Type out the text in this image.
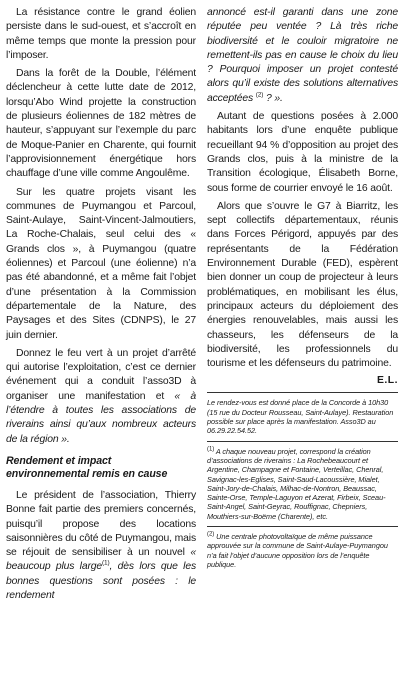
La résistance contre le grand éolien persiste dans le sud-ouest, et s’accroît en même temps que monte la pression pour l’imposer.

Dans la forêt de la Double, l’élément déclencheur à cette lutte date de 2012, lorsqu’Abo Wind projette la construction de plusieurs éoliennes de 182 mètres de hauteur, s’appuyant sur l’exemple du parc de Moque-Panier en Charente, qui fournit l’approvisionnement énergétique hors chauffage d’une ville comme Angoulême.

Sur les quatre projets visant les communes de Puymangou et Parcoul, Saint-Aulaye, Saint-Vincent-Jalmoutiers, La Roche-Chalais, seul celui des « Grands clos », à Puymangou (quatre éoliennes) et Parcoul (une éolienne) n’a pas été abandonné, et a même fait l’objet d’une présentation à la Commission départementale de la Nature, des Paysages et des Sites (CDNPS), le 27 juin dernier.

Donnez le feu vert à un projet d’arrêté qui autorise l’exploitation, c’est ce dernier événement qui a conduit l’asso3D à organiser une manifestation et « à l’étendre à toutes les associations de riverains ainsi qu’aux nombreux acteurs de la région ».

Rendement et impact environnemental remis en cause

Le président de l’association, Thierry Bonne fait partie des premiers concernés, puisqu’il propose des locations saisonnières du côté de Puymangou, mais se réjouit de sensibiliser à un nouvel « beaucoup plus large$^{(1)}$, dès lors que les bonnes questions sont posées : le rendement

annoncé est-il garanti dans une zone réputée peu ventée ? Là très riche biodiversité et le couloir migratoire ne remettent-ils pas en cause le choix du lieu ? Pourquoi imposer un projet contesté alors qu’il existe des solutions alternatives acceptées $^{(2)}$ ? ».

Autant de questions posées à 2.000 habitants lors d’une enquête publique recueillant 94 % d’opposition au projet des Grands clos, puis à la ministre de la Transition écologique, Élisabeth Borne, sous forme de courrier envoyé le 16 août.

Alors que s’ouvre le G7 à Biarritz, les sept collectifs départementaux, réunis dans Forces Périgord, appuyés par des représentants de la Fédération Environnement Durable (FED), espèrent bien donner un coup de projecteur à leurs problématiques, en mobilisant les élus, principaux acteurs du déploiement des énergies renouvelables, mais aussi les chasseurs, les défenseurs de la biodiversité, les professionnels du tourisme et les défenseurs du patrimoine.

E.L.
Le rendez-vous est donné place de la Concorde à 10h30 (15 rue du Docteur Rousseau, Saint-Aulaye). Restauration possible sur place après la manifestation. Asso3D au 06.29.22.54.52.
$^{(1)}$ A chaque nouveau projet, correspond la création d’associations de riverains : La Rochebeaucourt et Argentine, Champagne et Fontaine, Verteillac, Chenral, Savignac-les-Eglises, Saint-Saud-Lacoussière, Mialet, Saint-Jory-de-Chalais, Milhac-de-Nontron, Beaussac, Sainte-Orse, Temple-Laguyon et Azerat, Firbeix, Sceau-Saint-Angel, Saint-Geyrac, Rouffignac, Chepniers, Mouthiers-sur-Boëme (Charente), etc.
$^{(2)}$ Une centrale photovoltaïque de même puissance approuvée sur la commune de Saint-Aulaye-Puymangou n’a fait l’objet d’aucune opposition lors de l’enquête publique.
